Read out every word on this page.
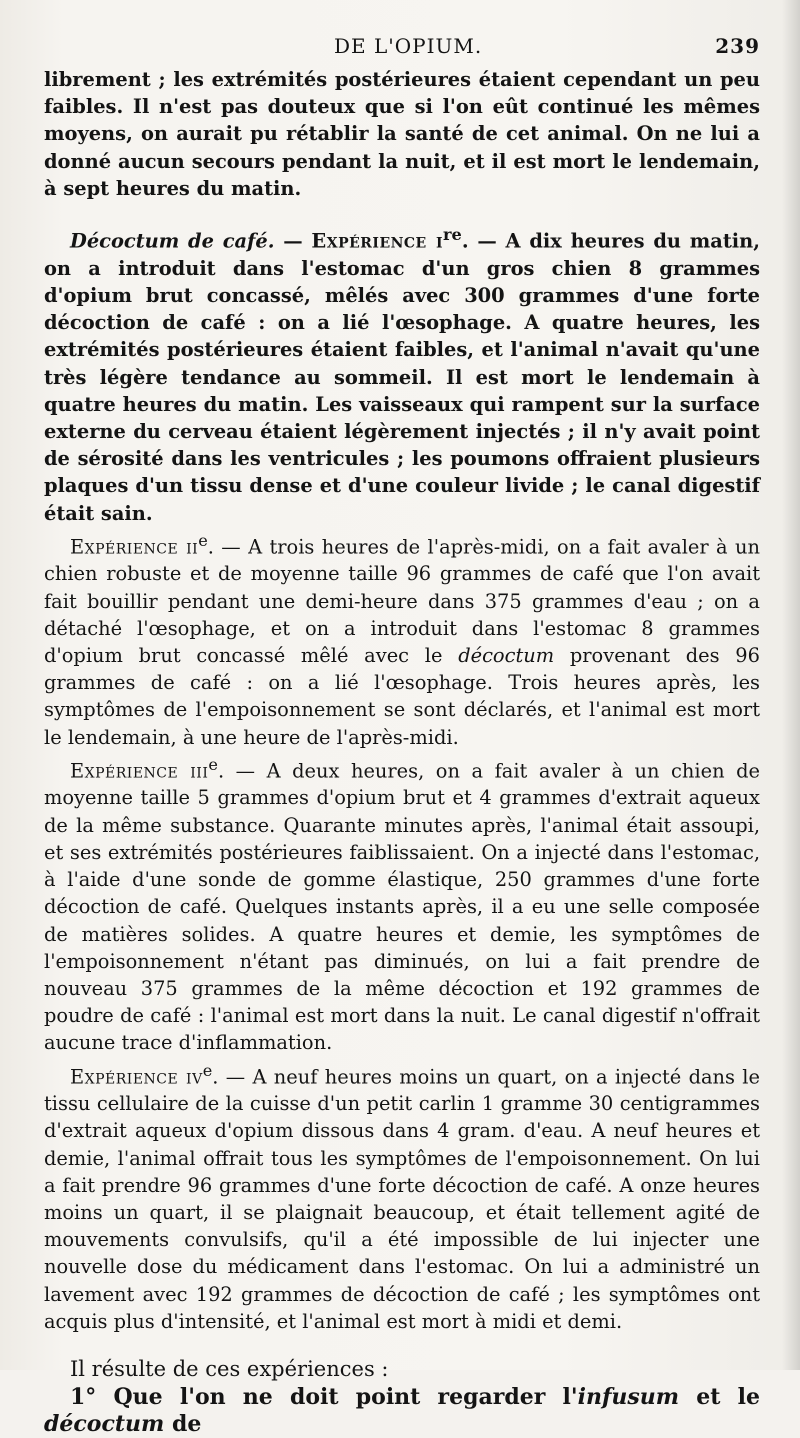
DE L'OPIUM.	239

librement ; les extrémités postérieures étaient cependant un peu faibles. Il n'est pas douteux que si l'on eût continué les mêmes moyens, on aurait pu rétablir la santé de cet animal. On ne lui a donné aucun secours pendant la nuit, et il est mort le lendemain, à sept heures du matin.

Décoctum de café. — Expérience $i^{re}$. — A dix heures du matin, on a introduit dans l'estomac d'un gros chien 8 grammes d'opium brut concassé, mêlés avec 300 grammes d'une forte décoction de café : on a lié l'œsophage. A quatre heures, les extrémités postérieures étaient faibles, et l'animal n'avait qu'une très légère tendance au sommeil. Il est mort le lendemain à quatre heures du matin. Les vaisseaux qui rampent sur la surface externe du cerveau étaient légèrement injectés ; il n'y avait point de sérosité dans les ventricules ; les poumons offraient plusieurs plaques d'un tissu dense et d'une couleur livide ; le canal digestif était sain.

Expérience $ii^e$. — A trois heures de l'après-midi, on a fait avaler à un chien robuste et de moyenne taille 96 grammes de café que l'on avait fait bouillir pendant une demi-heure dans 375 grammes d'eau ; on a détaché l'œsophage, et on a introduit dans l'estomac 8 grammes d'opium brut concassé mêlé avec le décoctum provenant des 96 grammes de café : on a lié l'œsophage. Trois heures après, les symptômes de l'empoisonnement se sont déclarés, et l'animal est mort le lendemain, à une heure de l'après-midi.

Expérience iii$^e$. — A deux heures, on a fait avaler à un chien de moyenne taille 5 grammes d'opium brut et 4 grammes d'extrait aqueux de la même substance. Quarante minutes après, l'animal était assoupi, et ses extrémités postérieures faiblissaient. On a injecté dans l'estomac, à l'aide d'une sonde de gomme élastique, 250 grammes d'une forte décoction de café. Quelques instants après, il a eu une selle composée de matières solides. A quatre heures et demie, les symptômes de l'empoisonnement n'étant pas diminués, on lui a fait prendre de nouveau 375 grammes de la même décoction et 192 grammes de poudre de café : l'animal est mort dans la nuit. Le canal digestif n'offrait aucune trace d'inflammation.

Expérience $iv^e$. — A neuf heures moins un quart, on a injecté dans le tissu cellulaire de la cuisse d'un petit carlin 1 gramme 30 centigrammes d'extrait aqueux d'opium dissous dans 4 gram. d'eau. A neuf heures et demie, l'animal offrait tous les symptômes de l'empoisonnement. On lui a fait prendre 96 grammes d'une forte décoction de café. A onze heures moins un quart, il se plaignait beaucoup, et était tellement agité de mouvements convulsifs, qu'il a été impossible de lui injecter une nouvelle dose du médicament dans l'estomac. On lui a administré un lavement avec 192 grammes de décoction de café ; les symptômes ont acquis plus d'intensité, et l'animal est mort à midi et demi.

Il résulte de ces expériences :

1° Que l'on ne doit point regarder l'infusum et le décoctum de
